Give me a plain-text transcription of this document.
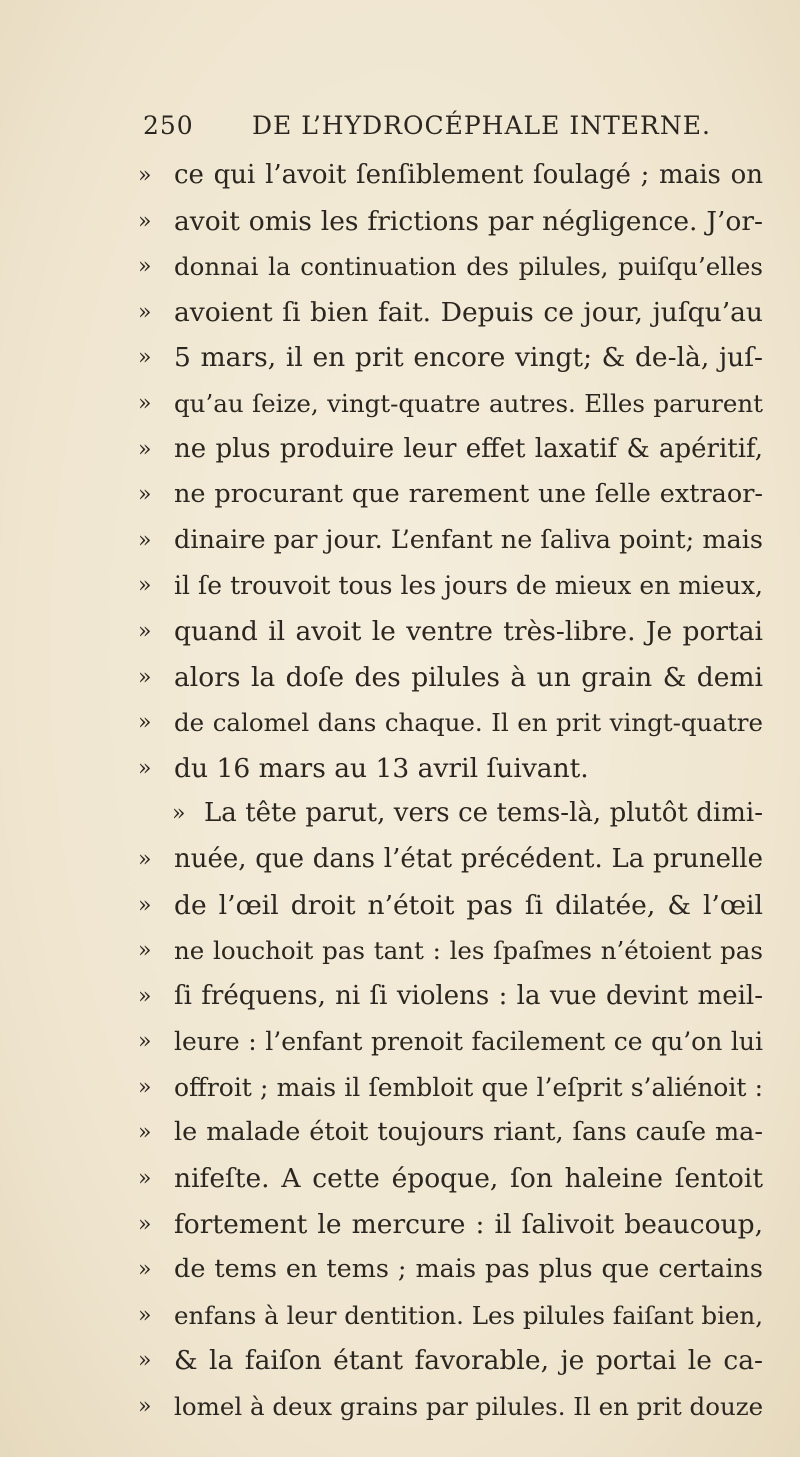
250 DE L’HYDROCÉPHALE INTERNE.
» ce qui l’avoit ſenſiblement ſoulagé ; mais on
» avoit omis les frictions par négligence. J’or-
» donnai la continuation des pilules, puiſqu’elles
» avoient ſi bien fait. Depuis ce jour, juſqu’au
» 5 mars, il en prit encore vingt; & de-là, juſ-
» qu’au ſeize, vingt-quatre autres. Elles parurent
» ne plus produire leur effet laxatif & apéritif,
» ne procurant que rarement une ſelle extraor-
» dinaire par jour. L’enfant ne ſaliva point; mais
» il ſe trouvoit tous les jours de mieux en mieux,
» quand il avoit le ventre très-libre. Je portai
» alors la doſe des pilules à un grain & demi
» de calomel dans chaque. Il en prit vingt-quatre
» du 16 mars au 13 avril ſuivant.
» La tête parut, vers ce tems-là, plutôt dimi-
» nuée, que dans l’état précédent. La prunelle
» de l’œil droit n’étoit pas ſi dilatée, & l’œil
» ne louchoit pas tant : les ſpaſmes n’étoient pas
» ſi fréquens, ni ſi violens : la vue devint meil-
» leure : l’enfant prenoit facilement ce qu’on lui
» offroit ; mais il ſembloit que l’eſprit s’aliénoit :
» le malade étoit toujours riant, ſans cauſe ma-
» nifeſte. A cette époque, ſon haleine ſentoit
» fortement le mercure : il ſalivoit beaucoup,
» de tems en tems ; mais pas plus que certains
» enfans à leur dentition. Les pilules faiſant bien,
» & la faiſon étant favorable, je portai le ca-
» lomel à deux grains par pilules. Il en prit douze
